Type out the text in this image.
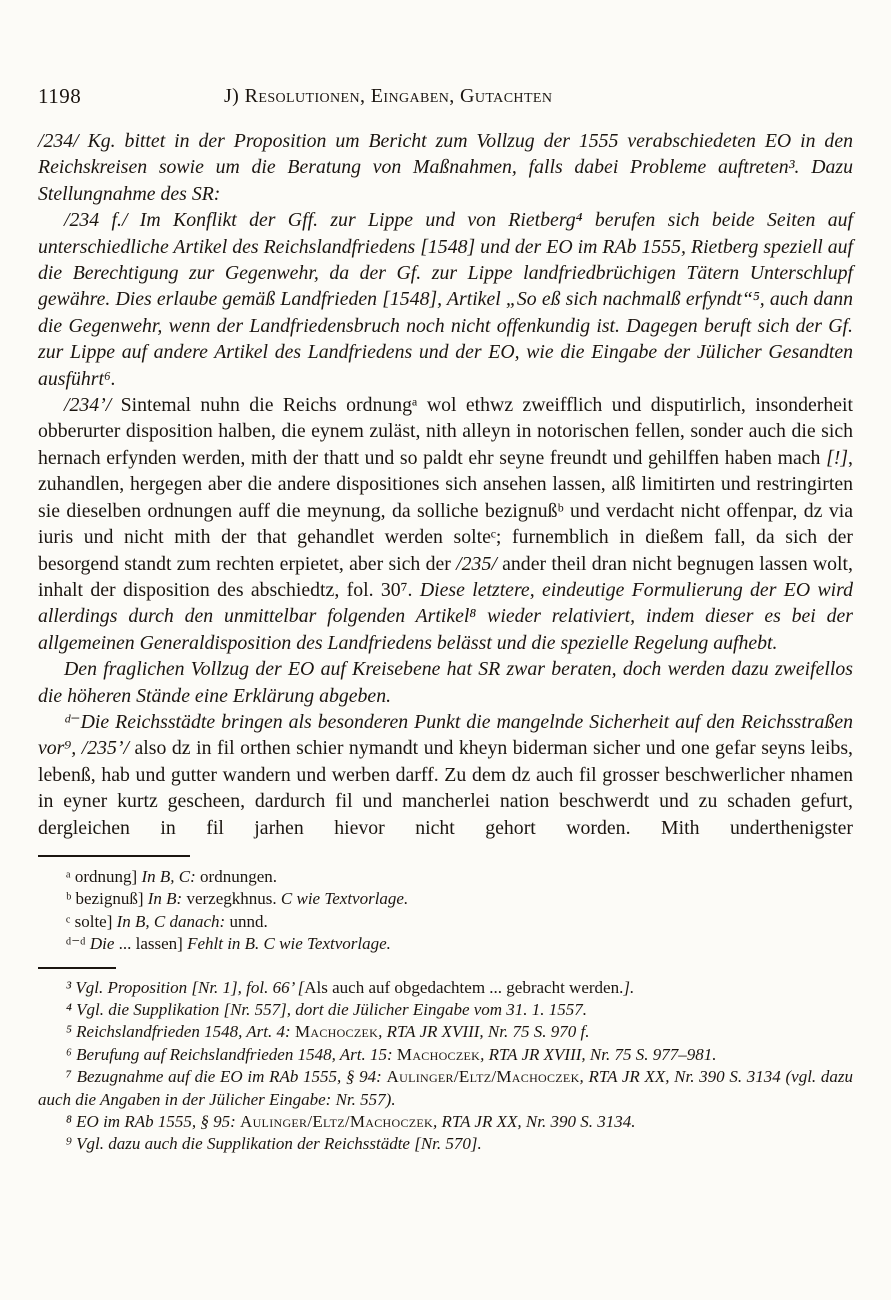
1198	J) Resolutionen, Eingaben, Gutachten

/234/ Kg. bittet in der Proposition um Bericht zum Vollzug der 1555 verabschiedeten EO in den Reichskreisen sowie um die Beratung von Maßnahmen, falls dabei Probleme auftreten³. Dazu Stellungnahme des SR:

/234 f./ Im Konflikt der Gff. zur Lippe und von Rietberg⁴ berufen sich beide Seiten auf unterschiedliche Artikel des Reichslandfriedens [1548] und der EO im RAb 1555, Rietberg speziell auf die Berechtigung zur Gegenwehr, da der Gf. zur Lippe landfriedbrüchigen Tätern Unterschlupf gewähre. Dies erlaube gemäß Landfrieden [1548], Artikel „So eß sich nachmalß erfyndt“⁵, auch dann die Gegenwehr, wenn der Landfriedensbruch noch nicht offenkundig ist. Dagegen beruft sich der Gf. zur Lippe auf andere Artikel des Landfriedens und der EO, wie die Eingabe der Jülicher Gesandten ausführt⁶.

/234’/ Sintemal nuhn die Reichs ordnungᵃ wol ethwz zweifflich und disputirlich, insonderheit obberurter disposition halben, die eynem zuläst, nith alleyn in notorischen fellen, sonder auch die sich hernach erfynden werden, mith der thatt und so paldt ehr seyne freundt und gehilffen haben mach [!], zuhandlen, hergegen aber die andere dispositiones sich ansehen lassen, alß limitirten und restringirten sie dieselben ordnungen auff die meynung, da solliche bezignußᵇ und verdacht nicht offenpar, dz via iuris und nicht mith der that gehandlet werden solteᶜ; furnemblich in dießem fall, da sich der besorgend standt zum rechten erpietet, aber sich der /235/ ander theil dran nicht begnugen lassen wolt, inhalt der disposition des abschiedtz, fol. 30⁷. Diese letztere, eindeutige Formulierung der EO wird allerdings durch den unmittelbar folgenden Artikel⁸ wieder relativiert, indem dieser es bei der allgemeinen Generaldisposition des Landfriedens belässt und die spezielle Regelung aufhebt.

Den fraglichen Vollzug der EO auf Kreisebene hat SR zwar beraten, doch werden dazu zweifellos die höheren Stände eine Erklärung abgeben.

ᵈ⁻Die Reichsstädte bringen als besonderen Punkt die mangelnde Sicherheit auf den Reichsstraßen vor⁹, /235’/ also dz in fil orthen schier nymandt und kheyn biderman sicher und one gefar seyns leibs, lebenß, hab und gutter wandern und werben darff. Zu dem dz auch fil grosser beschwerlicher nhamen in eyner kurtz gescheen, dardurch fil und mancherlei nation beschwerdt und zu schaden gefurt, dergleichen in fil jarhen hievor nicht gehort worden. Mith underthenigster

ᵃ ordnung] In B, C: ordnungen.

ᵇ bezignuß] In B: verzegkhnus. C wie Textvorlage.

ᶜ solte] In B, C danach: unnd.

ᵈ⁻ᵈ Die ... lassen] Fehlt in B. C wie Textvorlage.

³ Vgl. Proposition [Nr. 1], fol. 66’ [Als auch auf obgedachtem ... gebracht werden.].

⁴ Vgl. die Supplikation [Nr. 557], dort die Jülicher Eingabe vom 31. 1. 1557.

⁵ Reichslandfrieden 1548, Art. 4: Machoczek, RTA JR XVIII, Nr. 75 S. 970 f.

⁶ Berufung auf Reichslandfrieden 1548, Art. 15: Machoczek, RTA JR XVIII, Nr. 75 S. 977–981.

⁷ Bezugnahme auf die EO im RAb 1555, § 94: Aulinger/Eltz/Machoczek, RTA JR XX, Nr. 390 S. 3134 (vgl. dazu auch die Angaben in der Jülicher Eingabe: Nr. 557).

⁸ EO im RAb 1555, § 95: Aulinger/Eltz/Machoczek, RTA JR XX, Nr. 390 S. 3134.

⁹ Vgl. dazu auch die Supplikation der Reichsstädte [Nr. 570].
